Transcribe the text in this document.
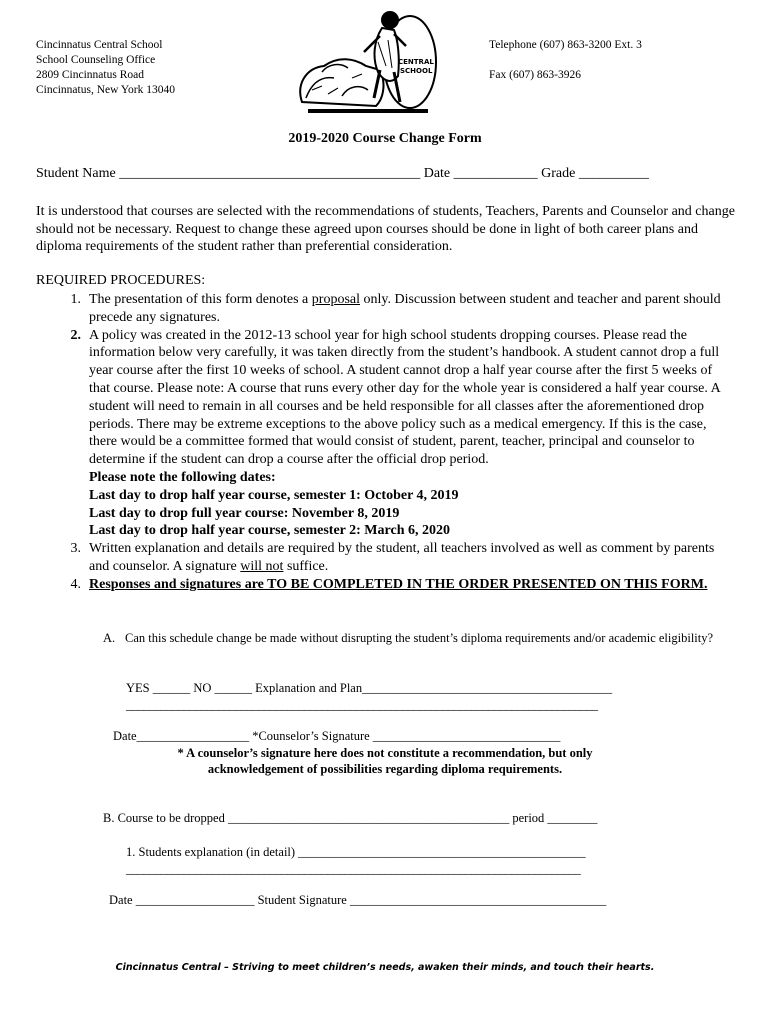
Cincinnatus Central School
School Counseling Office
2809 Cincinnatus Road
Cincinnatus, New York 13040
CENTRAL
SCHOOL
Telephone (607) 863-3200 Ext. 3
Fax (607) 863-3926
2019-2020 Course Change Form
Student Name ___________________________________________ Date ____________ Grade __________
It is understood that courses are selected with the recommendations of students, Teachers, Parents and Counselor and change should not be necessary. Request to change these agreed upon courses should be done in light of both career plans and diploma requirements of the student rather than preferential consideration.
REQUIRED PROCEDURES:
1. The presentation of this form denotes a proposal only. Discussion between student and teacher and parent should precede any signatures.
2. A policy was created in the 2012-13 school year for high school students dropping courses. Please read the information below very carefully, it was taken directly from the student’s handbook. A student cannot drop a full year course after the first 10 weeks of school. A student cannot drop a half year course after the first 5 weeks of that course. Please note: A course that runs every other day for the whole year is considered a half year course. A student will need to remain in all courses and be held responsible for all classes after the aforementioned drop periods. There may be extreme exceptions to the above policy such as a medical emergency. If this is the case, there would be a committee formed that would consist of student, parent, teacher, principal and counselor to determine if the student can drop a course after the official drop period.
Please note the following dates:
Last day to drop half year course, semester 1: October 4, 2019
Last day to drop full year course: November 8, 2019
Last day to drop half year course, semester 2: March 6, 2020
3. Written explanation and details are required by the student, all teachers involved as well as comment by parents and counselor. A signature will not suffice.
4. Responses and signatures are TO BE COMPLETED IN THE ORDER PRESENTED ON THIS FORM.
A. Can this schedule change be made without disrupting the student’s diploma requirements and/or academic eligibility?
YES ______ NO ______ Explanation and Plan________________________________________
__________________________________________________________________________________
Date__________________ *Counselor’s Signature ______________________________
* A counselor’s signature here does not constitute a recommendation, but only
acknowledgement of possibilities regarding diploma requirements.
B. Course to be dropped _____________________________________________ period ________
1. Students explanation (in detail) ______________________________________________
_______________________________________________________________________________
Date ___________________ Student Signature _________________________________________
Cincinnatus Central – Striving to meet children’s needs, awaken their minds, and touch their hearts.
